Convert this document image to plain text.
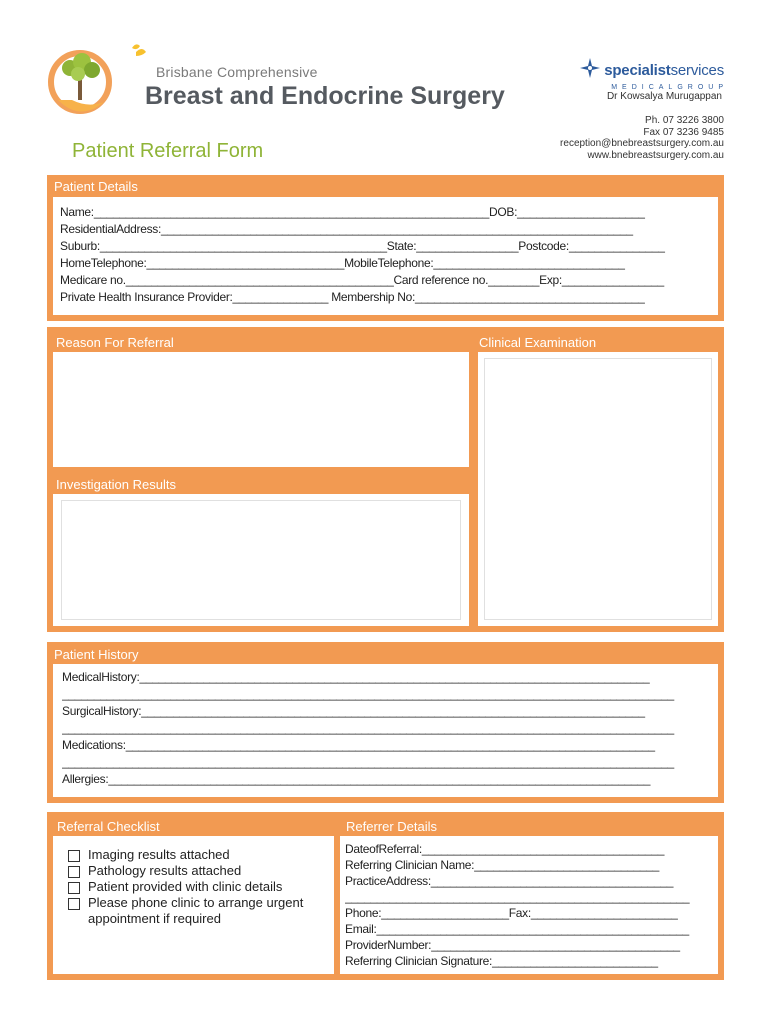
Brisbane Comprehensive
Breast and Endocrine Surgery
Patient Referral Form
specialistservices
MEDICALGROUP
Dr Kowsalya Murugappan
Ph. 07 3226 3800
Fax 07 3236 9485
reception@bnebreastsurgery.com.au
www.bnebreastsurgery.com.au
Patient Details
Name:______________________________________________________________DOB:____________________
ResidentialAddress:__________________________________________________________________________
Suburb:_____________________________________________State:________________Postcode:_______________
HomeTelephone:_______________________________MobileTelephone:______________________________
Medicare no.__________________________________________Card reference no.________Exp:________________
Private Health Insurance Provider:_______________ Membership No:____________________________________
Reason For Referral	Clinical Examination
Investigation Results
Patient History
MedicalHistory:________________________________________________________________________________
________________________________________________________________________________________________
SurgicalHistory:_______________________________________________________________________________
________________________________________________________________________________________________
Medications:___________________________________________________________________________________
________________________________________________________________________________________________
Allergies:_____________________________________________________________________________________
Referral Checklist
Imaging results attached
Pathology results attached
Patient provided with clinic details
Please phone clinic to arrange urgent
appointment if required
Referrer Details
DateofReferral:______________________________________
Referring Clinician Name:_____________________________
PracticeAddress:______________________________________
______________________________________________________
Phone:____________________Fax:_______________________
Email:_________________________________________________
ProviderNumber:_______________________________________
Referring Clinician Signature:__________________________
